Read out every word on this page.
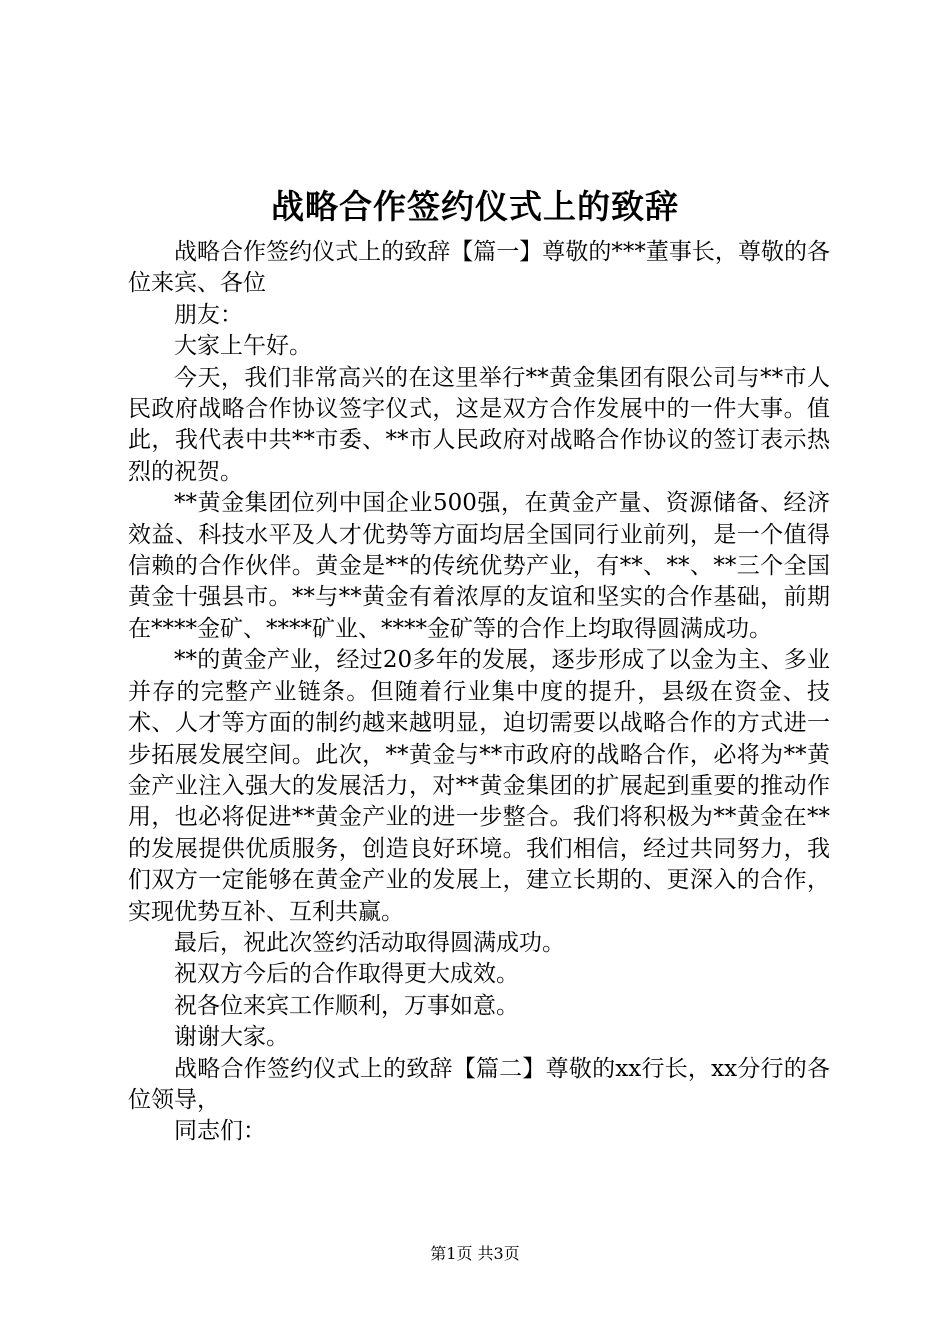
战略合作签约仪式上的致辞

战略合作签约仪式上的致辞【篇一】尊敬的***董事长，尊敬的各位来宾、各位

朋友：

大家上午好。

今天，我们非常高兴的在这里举行**黄金集团有限公司与**市人民政府战略合作协议签字仪式，这是双方合作发展中的一件大事。值此，我代表中共**市委、**市人民政府对战略合作协议的签订表示热烈的祝贺。

**黄金集团位列中国企业500强，在黄金产量、资源储备、经济效益、科技水平及人才优势等方面均居全国同行业前列，是一个值得信赖的合作伙伴。黄金是**的传统优势产业，有**、**、**三个全国黄金十强县市。**与**黄金有着浓厚的友谊和坚实的合作基础，前期在****金矿、****矿业、****金矿等的合作上均取得圆满成功。

**的黄金产业，经过20多年的发展，逐步形成了以金为主、多业并存的完整产业链条。但随着行业集中度的提升，县级在资金、技术、人才等方面的制约越来越明显，迫切需要以战略合作的方式进一步拓展发展空间。此次，**黄金与**市政府的战略合作，必将为**黄金产业注入强大的发展活力，对**黄金集团的扩展起到重要的推动作用，也必将促进**黄金产业的进一步整合。我们将积极为**黄金在**的发展提供优质服务，创造良好环境。我们相信，经过共同努力，我们双方一定能够在黄金产业的发展上，建立长期的、更深入的合作，实现优势互补、互利共赢。

最后，祝此次签约活动取得圆满成功。

祝双方今后的合作取得更大成效。

祝各位来宾工作顺利，万事如意。

谢谢大家。

战略合作签约仪式上的致辞【篇二】尊敬的xx行长，xx分行的各位领导，

同志们：

第1页 共3页
